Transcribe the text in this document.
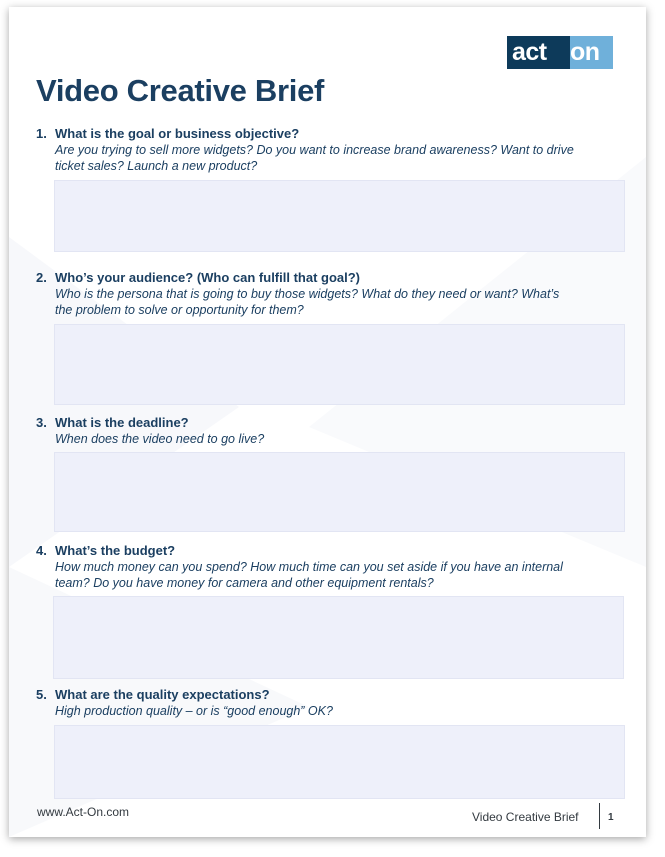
act on
Video Creative Brief
1. What is the goal or business objective?
Are you trying to sell more widgets? Do you want to increase brand awareness? Want to drive ticket sales? Launch a new product?
2. Who’s your audience? (Who can fulfill that goal?)
Who is the persona that is going to buy those widgets? What do they need or want? What’s the problem to solve or opportunity for them?
3. What is the deadline?
When does the video need to go live?
4. What’s the budget?
How much money can you spend? How much time can you set aside if you have an internal team? Do you have money for camera and other equipment rentals?
5. What are the quality expectations?
High production quality – or is “good enough” OK?
www.Act-On.com	Video Creative Brief	1
